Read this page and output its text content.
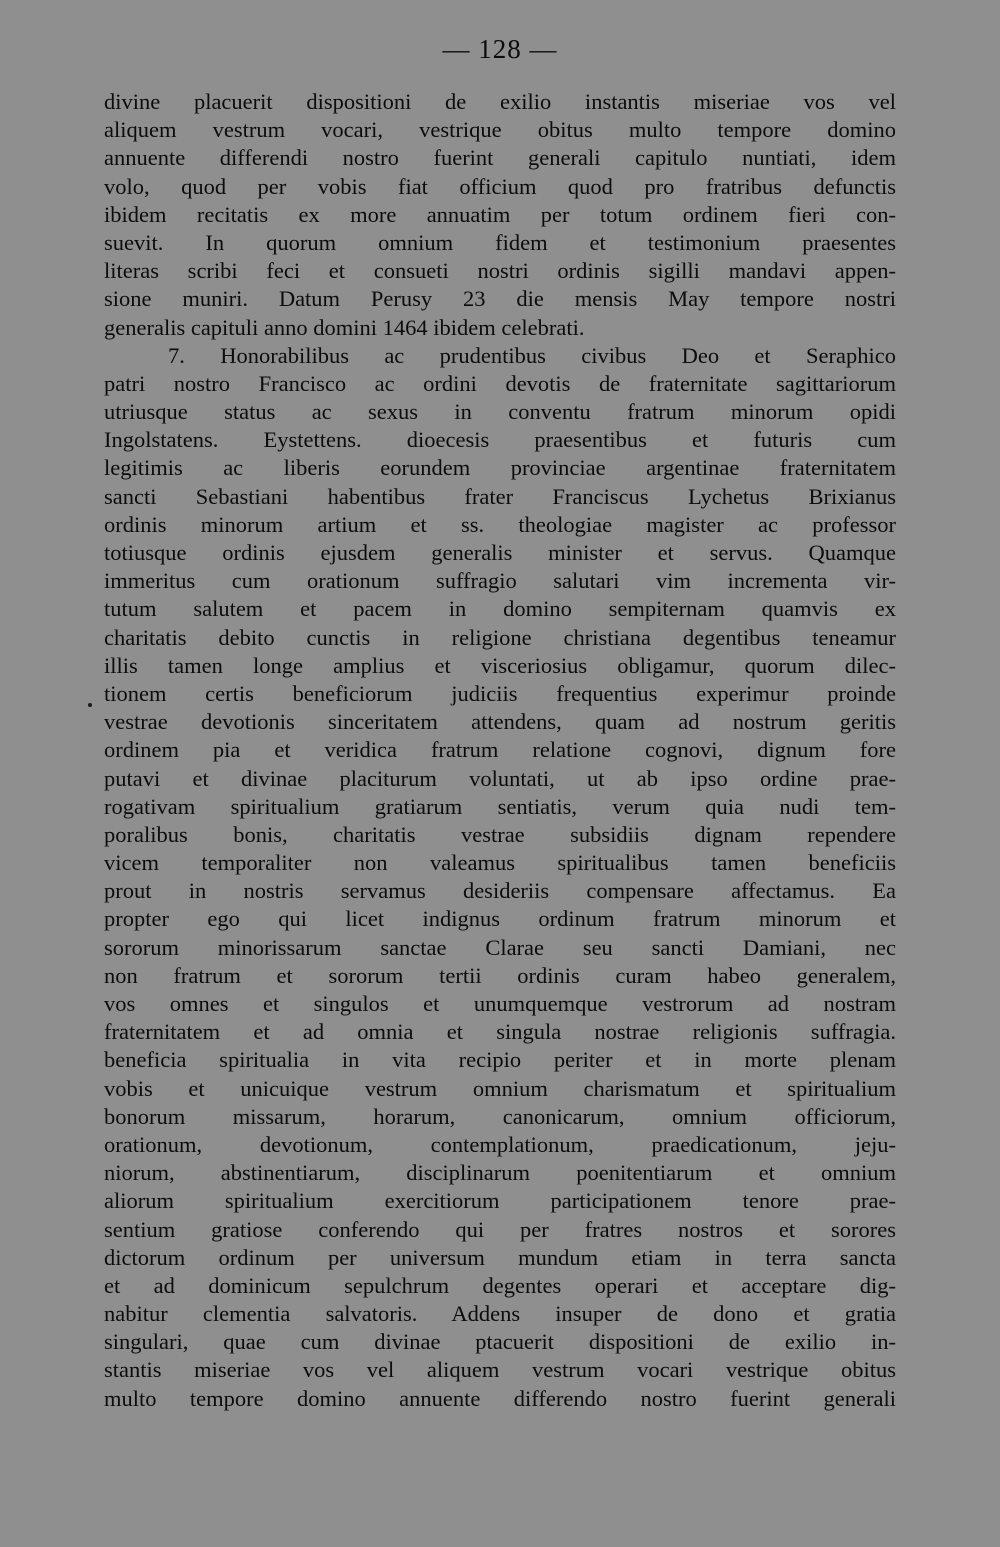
— 128 —
divine placuerit dispositioni de exilio instantis miseriae vos vel
aliquem vestrum vocari, vestrique obitus multo tempore domino
annuente differendi nostro fuerint generali capitulo nuntiati, idem
volo, quod per vobis fiat officium quod pro fratribus defunctis
ibidem recitatis ex more annuatim per totum ordinem fieri con-
suevit. In quorum omnium fidem et testimonium praesentes
literas scribi feci et consueti nostri ordinis sigilli mandavi appen-
sione muniri. Datum Perusy 23 die mensis May tempore nostri
generalis capituli anno domini 1464 ibidem celebrati.
7. Honorabilibus ac prudentibus civibus Deo et Seraphico
patri nostro Francisco ac ordini devotis de fraternitate sagittariorum
utriusque status ac sexus in conventu fratrum minorum opidi
Ingolstatens. Eystettens. dioecesis praesentibus et futuris cum
legitimis ac liberis eorundem provinciae argentinae fraternitatem
sancti Sebastiani habentibus frater Franciscus Lychetus Brixianus
ordinis minorum artium et ss. theologiae magister ac professor
totiusque ordinis ejusdem generalis minister et servus. Quamque
immeritus cum orationum suffragio salutari vim incrementa vir-
tutum salutem et pacem in domino sempiternam quamvis ex
charitatis debito cunctis in religione christiana degentibus teneamur
illis tamen longe amplius et visceriosius obligamur, quorum dilec-
tionem certis beneficiorum judiciis frequentius experimur proinde
vestrae devotionis sinceritatem attendens, quam ad nostrum geritis
ordinem pia et veridica fratrum relatione cognovi, dignum fore
putavi et divinae placiturum voluntati, ut ab ipso ordine prae-
rogativam spiritualium gratiarum sentiatis, verum quia nudi tem-
poralibus bonis, charitatis vestrae subsidiis dignam rependere
vicem temporaliter non valeamus spiritualibus tamen beneficiis
prout in nostris servamus desideriis compensare affectamus. Ea
propter ego qui licet indignus ordinum fratrum minorum et
sororum minorissarum sanctae Clarae seu sancti Damiani, nec
non fratrum et sororum tertii ordinis curam habeo generalem,
vos omnes et singulos et unumquemque vestrorum ad nostram
fraternitatem et ad omnia et singula nostrae religionis suffragia.
beneficia spiritualia in vita recipio periter et in morte plenam
vobis et unicuique vestrum omnium charismatum et spiritualium
bonorum missarum, horarum, canonicarum, omnium officiorum,
orationum, devotionum, contemplationum, praedicationum, jeju-
niorum, abstinentiarum, disciplinarum poenitentiarum et omnium
aliorum spiritualium exercitiorum participationem tenore prae-
sentium gratiose conferendo qui per fratres nostros et sorores
dictorum ordinum per universum mundum etiam in terra sancta
et ad dominicum sepulchrum degentes operari et acceptare dig-
nabitur clementia salvatoris. Addens insuper de dono et gratia
singulari, quae cum divinae ptacuerit dispositioni de exilio in-
stantis miseriae vos vel aliquem vestrum vocari vestrique obitus
multo tempore domino annuente differendo nostro fuerint generali
